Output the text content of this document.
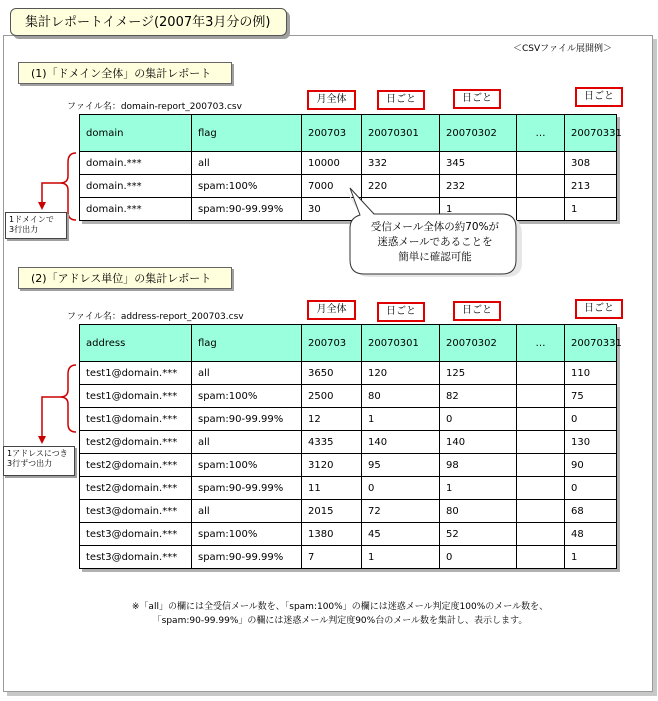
集計レポートイメージ(2007年3月分の例)
＜CSVファイル展開例＞
(1)「ドメイン全体」の集計レポート
ファイル名：domain-report_200703.csv
月全体	日ごと	日ごと	日ごと
domain	flag	200703	20070301	20070302	…	20070331
domain.***	all	10000	332	345		308
domain.***	spam:100%	7000	220	232		213
domain.***	spam:90-99.99%	30		1		1
1ドメインで
3行出力	受信メール全体の約70%が
迷惑メールであることを
簡単に確認可能
(2)「アドレス単位」の集計レポート
ファイル名：address-report_200703.csv
月全体	日ごと	日ごと	日ごと
address	flag	200703	20070301	20070302	…	20070331
test1@domain.***	all	3650	120	125		110
test1@domain.***	spam:100%	2500	80	82		75
test1@domain.***	spam:90-99.99%	12	1	0		0
test2@domain.***	all	4335	140	140		130
test2@domain.***	spam:100%	3120	95	98		90
test2@domain.***	spam:90-99.99%	11	0	1		0
test3@domain.***	all	2015	72	80		68
test3@domain.***	spam:100%	1380	45	52		48
test3@domain.***	spam:90-99.99%	7	1	0		1
1アドレスにつき
3行ずつ出力
※「all」の欄には全受信メール数を、「spam:100%」の欄には迷惑メール判定度100%のメール数を、
「spam:90-99.99%」の欄には迷惑メール判定度90%台のメール数を集計し、表示します。
